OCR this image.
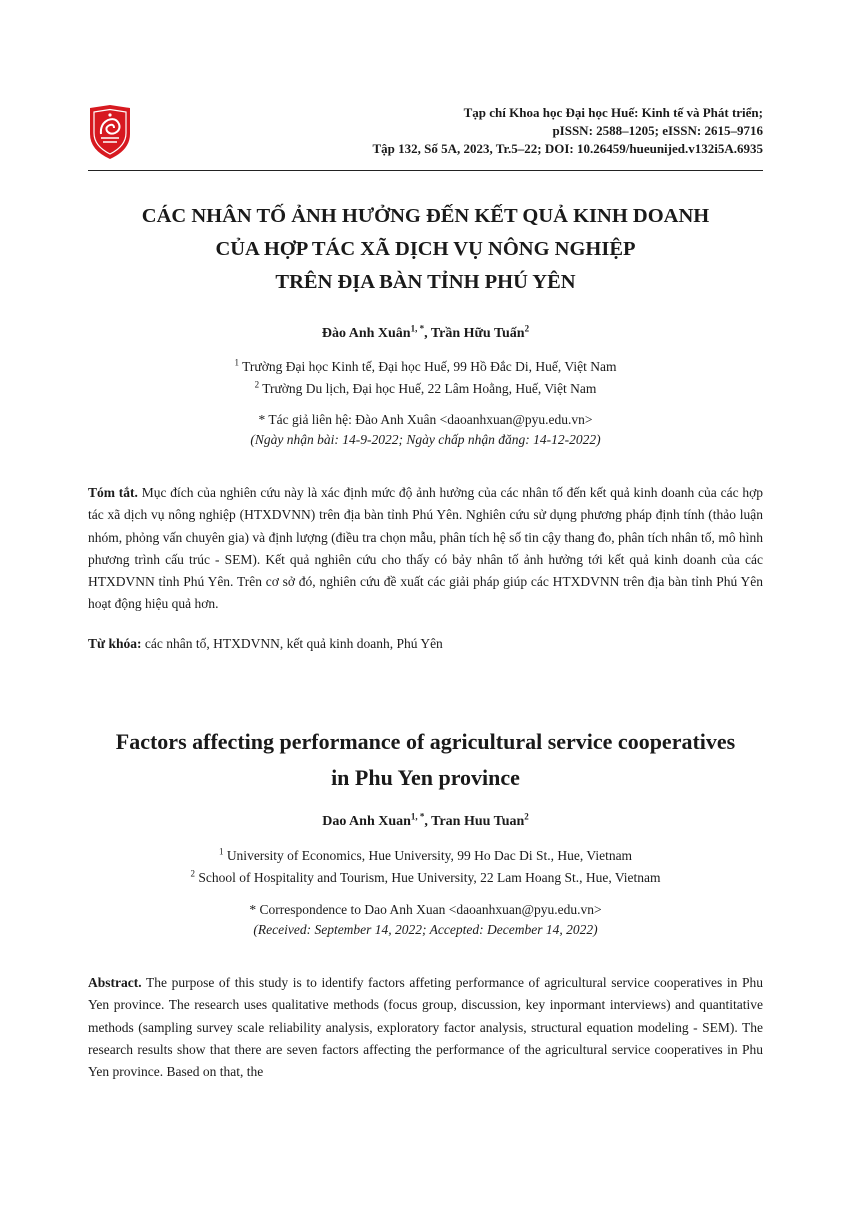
Tạp chí Khoa học Đại học Huế: Kinh tế và Phát triển;
pISSN: 2588–1205; eISSN: 2615–9716
Tập 132, Số 5A, 2023, Tr.5–22; DOI: 10.26459/hueunijed.v132i5A.6935
CÁC NHÂN TỐ ẢNH HƯỞNG ĐẾN KẾT QUẢ KINH DOANH
CỦA HỢP TÁC XÃ DỊCH VỤ NÔNG NGHIỆP
TRÊN ĐỊA BÀN TỈNH PHÚ YÊN
Đào Anh Xuân$^{1, *}$, Trần Hữu Tuấn$^2$
$^1$ Trường Đại học Kinh tế, Đại học Huế, 99 Hồ Đắc Di, Huế, Việt Nam
$^2$ Trường Du lịch, Đại học Huế, 22 Lâm Hoằng, Huế, Việt Nam
* Tác giả liên hệ: Đào Anh Xuân <daoanhxuan@pyu.edu.vn>
(Ngày nhận bài: 14-9-2022; Ngày chấp nhận đăng: 14-12-2022)
Tóm tắt. Mục đích của nghiên cứu này là xác định mức độ ảnh hưởng của các nhân tố đến kết quả kinh doanh của các hợp tác xã dịch vụ nông nghiệp (HTXDVNN) trên địa bàn tỉnh Phú Yên. Nghiên cứu sử dụng phương pháp định tính (thảo luận nhóm, phỏng vấn chuyên gia) và định lượng (điều tra chọn mẫu, phân tích hệ số tin cậy thang đo, phân tích nhân tố, mô hình phương trình cấu trúc - SEM). Kết quả nghiên cứu cho thấy có bảy nhân tố ảnh hưởng tới kết quả kinh doanh của các HTXDVNN tỉnh Phú Yên. Trên cơ sở đó, nghiên cứu đề xuất các giải pháp giúp các HTXDVNN trên địa bàn tỉnh Phú Yên hoạt động hiệu quả hơn.
Từ khóa: các nhân tố, HTXDVNN, kết quả kinh doanh, Phú Yên
Factors affecting performance of agricultural service cooperatives
in Phu Yen province
Dao Anh Xuan$^{1, *}$, Tran Huu Tuan$^2$
$^1$ University of Economics, Hue University, 99 Ho Dac Di St., Hue, Vietnam
$^2$ School of Hospitality and Tourism, Hue University, 22 Lam Hoang St., Hue, Vietnam
* Correspondence to Dao Anh Xuan <daoanhxuan@pyu.edu.vn>
(Received: September 14, 2022; Accepted: December 14, 2022)
Abstract. The purpose of this study is to identify factors affeting performance of agricultural service cooperatives in Phu Yen province. The research uses qualitative methods (focus group, discussion, key inpormant interviews) and quantitative methods (sampling survey scale reliability analysis, exploratory factor analysis, structural equation modeling - SEM). The research results show that there are seven factors affecting the performance of the agricultural service cooperatives in Phu Yen province. Based on that, the
